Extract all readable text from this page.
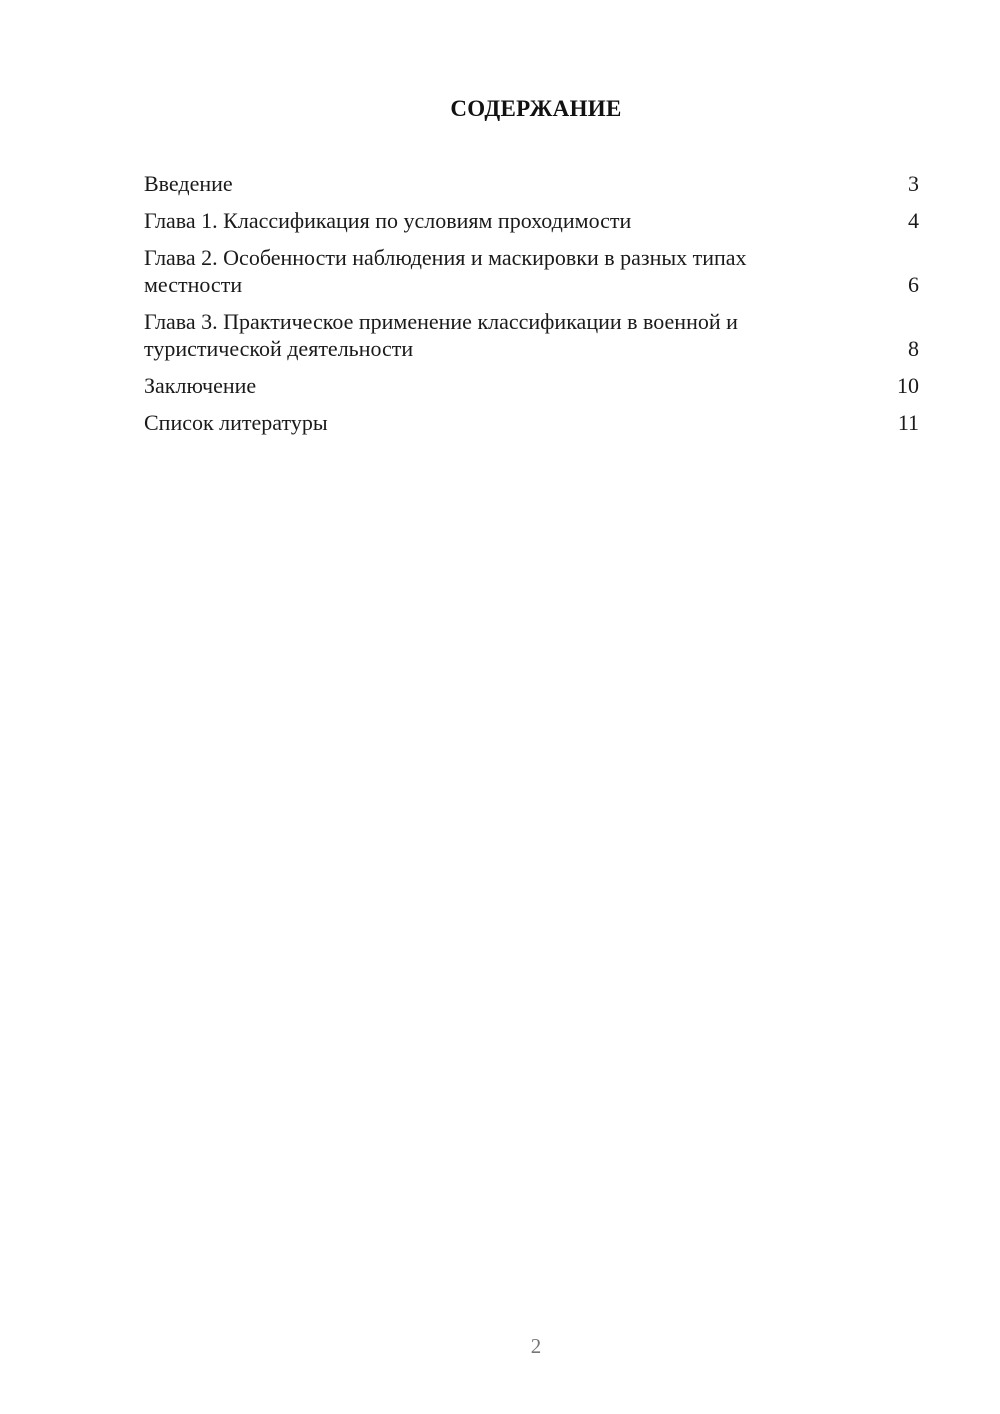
СОДЕРЖАНИЕ
Введение	3
Глава 1. Классификация по условиям проходимости	4
Глава 2. Особенности наблюдения и маскировки в разных типах местности	6
Глава 3. Практическое применение классификации в военной и туристической деятельности	8
Заключение	10
Список литературы	11
2
